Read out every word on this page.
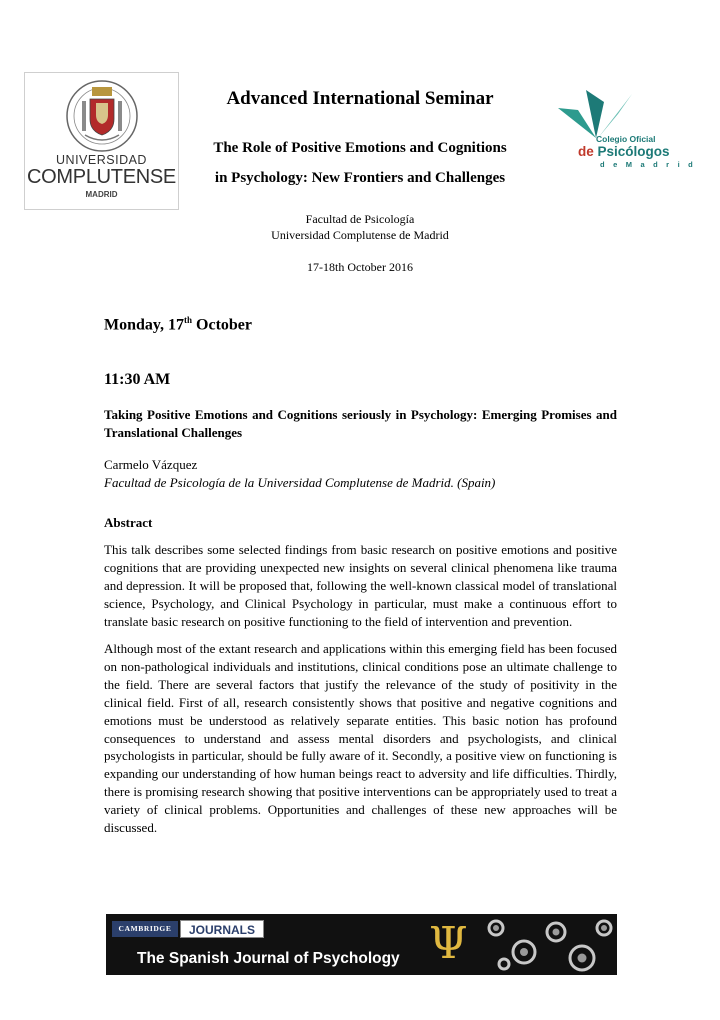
UNIVERSIDAD
COMPLUTENSE
MADRID
Colegio Oficial
de Psicólogos
d e M a d r i d
Advanced International Seminar
The Role of Positive Emotions and Cognitions
in Psychology: New Frontiers and Challenges
Facultad de Psicología
Universidad Complutense de Madrid
17-18th October 2016
Monday, 17th October
11:30 AM
Taking Positive Emotions and Cognitions seriously in Psychology: Emerging Promises and Translational Challenges
Carmelo Vázquez
Facultad de Psicología de la Universidad Complutense de Madrid. (Spain)
Abstract
This talk describes some selected findings from basic research on positive emotions and positive cognitions that are providing unexpected new insights on several clinical phenomena like trauma and depression. It will be proposed that, following the well-known classical model of translational science, Psychology, and Clinical Psychology in particular, must make a continuous effort to translate basic research on positive functioning to the field of intervention and prevention.
Although most of the extant research and applications within this emerging field has been focused on non-pathological individuals and institutions, clinical conditions pose an ultimate challenge to the field. There are several factors that justify the relevance of the study of positivity in the clinical field. First of all, research consistently shows that positive and negative cognitions and emotions must be understood as relatively separate entities. This basic notion has profound consequences to understand and assess mental disorders and psychologists, and clinical psychologists in particular, should be fully aware of it. Secondly, a positive view on functioning is expanding our understanding of how human beings react to adversity and life difficulties. Thirdly, there is promising research showing that positive interventions can be appropriately used to treat a variety of clinical problems. Opportunities and challenges of these new approaches will be discussed.
CAMBRIDGE	JOURNALS
The Spanish Journal of Psychology Ψ
